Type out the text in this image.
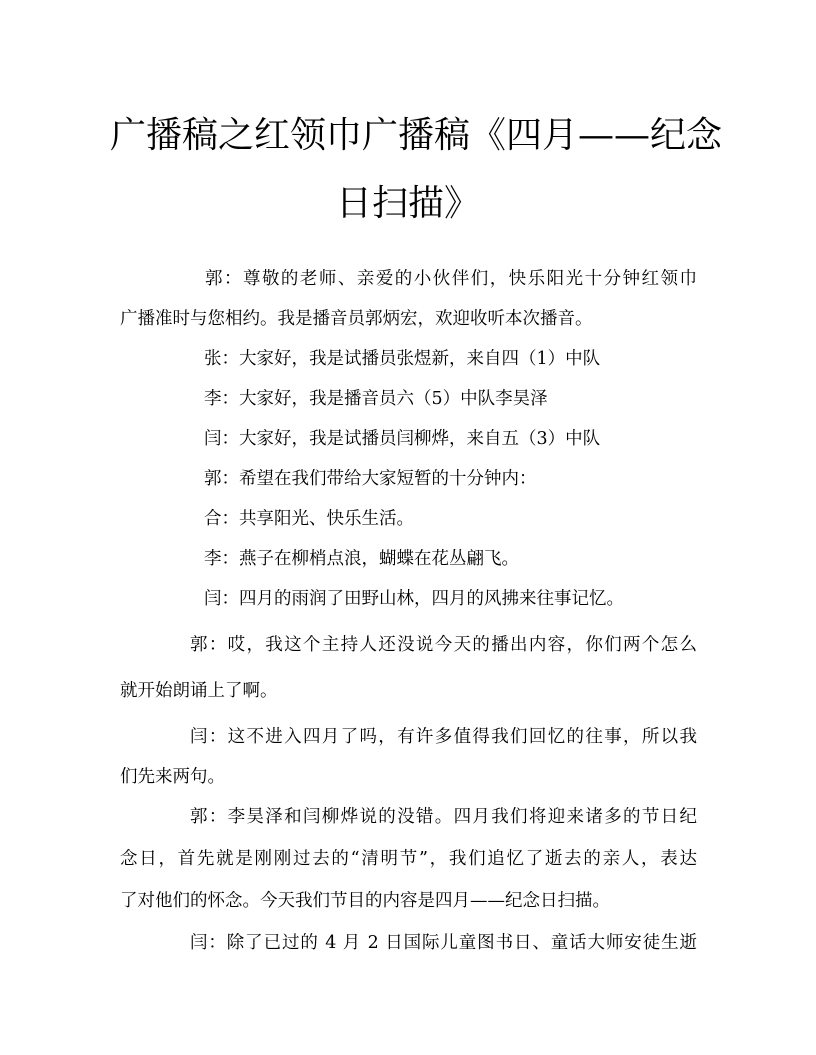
广播稿之红领巾广播稿《四月——纪念
日扫描》

郭：尊敬的老师、亲爱的小伙伴们，快乐阳光十分钟红领巾

广播准时与您相约。我是播音员郭炳宏，欢迎收听本次播音。

张：大家好，我是试播员张煜新，来自四（1）中队

李：大家好，我是播音员六（5）中队李昊泽

闫：大家好，我是试播员闫柳烨，来自五（3）中队

郭：希望在我们带给大家短暂的十分钟内：

合：共享阳光、快乐生活。

李：燕子在柳梢点浪，蝴蝶在花丛翩飞。

闫：四月的雨润了田野山林，四月的风拂来往事记忆。

郭：哎，我这个主持人还没说今天的播出内容，你们两个怎么

就开始朗诵上了啊。

闫：这不进入四月了吗，有许多值得我们回忆的往事，所以我

们先来两句。

郭：李昊泽和闫柳烨说的没错。四月我们将迎来诸多的节日纪

念日，首先就是刚刚过去的“清明节”，我们追忆了逝去的亲人，表达

了对他们的怀念。今天我们节目的内容是四月——纪念日扫描。

闫：除了已过的 4 月 2 日国际儿童图书日、童话大师安徒生逝
